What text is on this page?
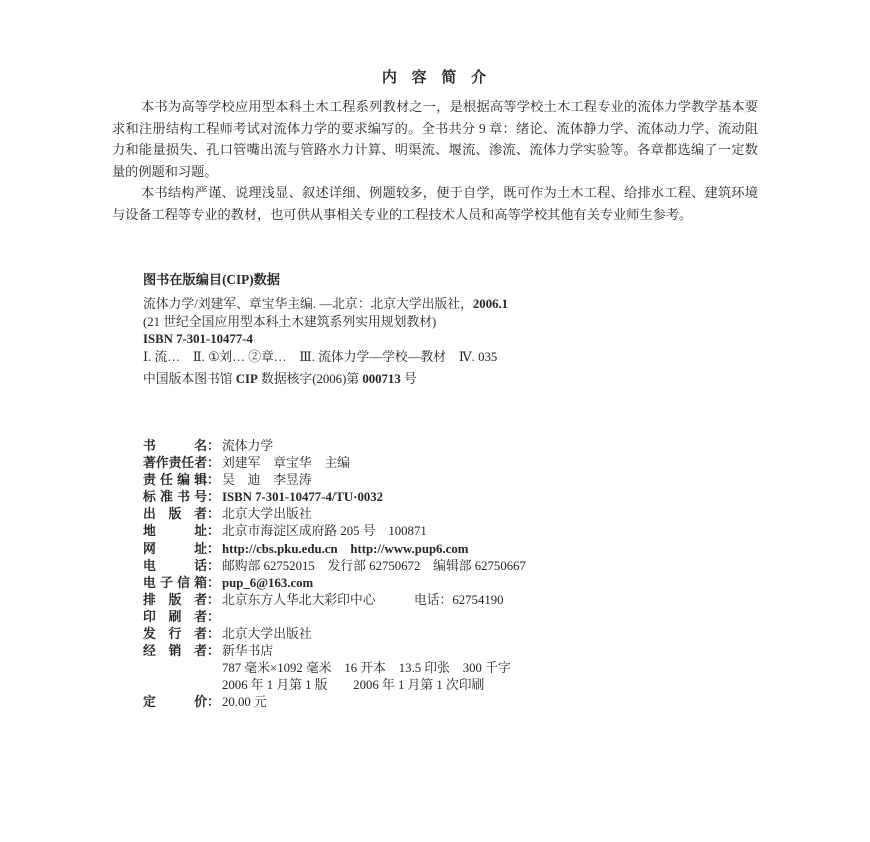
内 容 简 介

本书为高等学校应用型本科土木工程系列教材之一，是根据高等学校土木工程专业的流体力学教学基本要求和注册结构工程师考试对流体力学的要求编写的。全书共分 9 章：绪论、流体静力学、流体动力学、流动阻力和能量损失、孔口管嘴出流与管路水力计算、明渠流、堰流、渗流、流体力学实验等。各章都选编了一定数量的例题和习题。

本书结构严谨、说理浅显、叙述详细、例题较多，便于自学，既可作为土木工程、给排水工程、建筑环境与设备工程等专业的教材，也可供从事相关专业的工程技术人员和高等学校其他有关专业师生参考。

图书在版编目(CIP)数据

流体力学/刘建军、章宝华主编. —北京：北京大学出版社，2006.1

(21 世纪全国应用型本科土木建筑系列实用规划教材)

ISBN 7-301-10477-4

Ⅰ. 流…　Ⅱ. ①刘… ②章…　Ⅲ. 流体力学—学校—教材　Ⅳ. 035

中国版本图书馆 CIP 数据核字(2006)第 000713 号

书名： 流体力学
著作责任者： 刘建军　章宝华　主编
责任编辑： 吴　迪　李昱涛
标准书号： ISBN 7-301-10477-4/TU·0032
出版者： 北京大学出版社
地址： 北京市海淀区成府路 205 号　100871
网址： http://cbs.pku.edu.cn　http://www.pup6.com
电话： 邮购部 62752015　发行部 62750672　编辑部 62750667
电子信箱： pup_6@163.com
排版者： 北京东方人华北大彩印中心　　　电话：62754190
印刷者：
发行者： 北京大学出版社
经销者： 新华书店
787 毫米×1092 毫米　16 开本　13.5 印张　300 千字
2006 年 1 月第 1 版　　2006 年 1 月第 1 次印刷
定价： 20.00 元
